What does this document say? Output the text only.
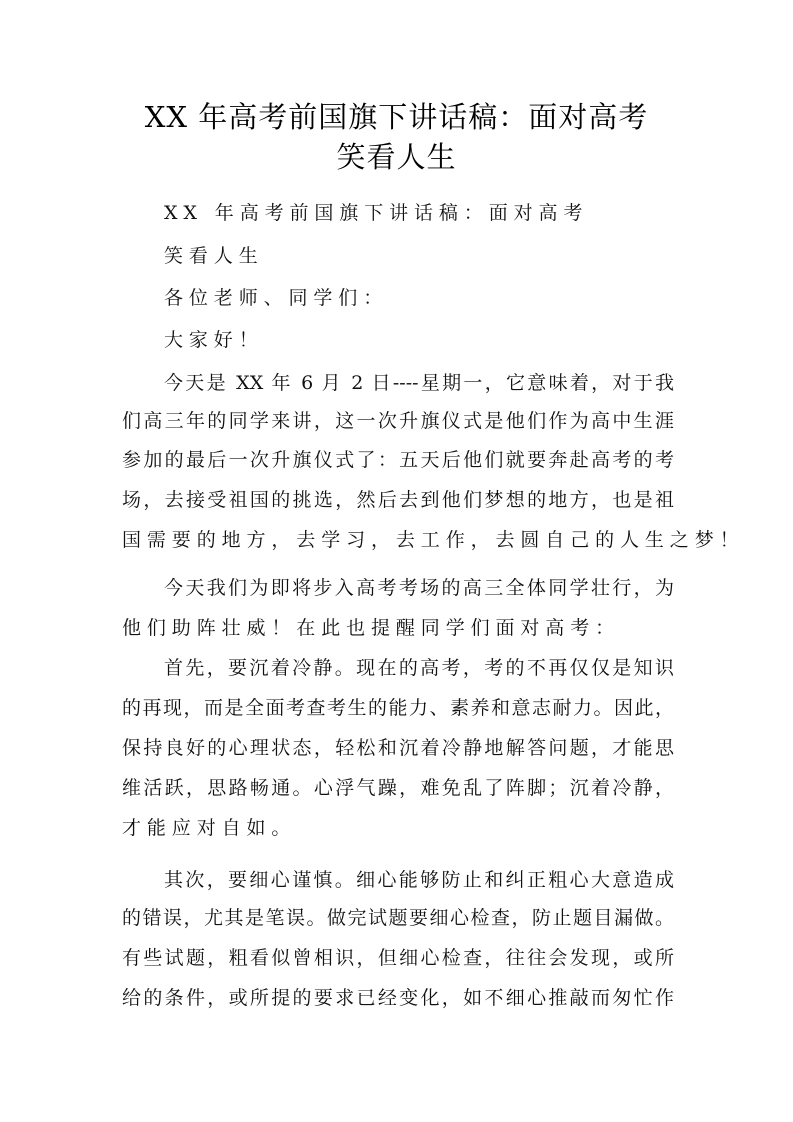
XX 年高考前国旗下讲话稿：面对高考
笑看人生
XX 年高考前国旗下讲话稿：面对高考
笑看人生
各位老师、同学们：
大家好！
今天是 XX 年 6 月 2 日----星期一，它意味着，对于我
们高三年的同学来讲，这一次升旗仪式是他们作为高中生涯
参加的最后一次升旗仪式了：五天后他们就要奔赴高考的考
场，去接受祖国的挑选，然后去到他们梦想的地方，也是祖
国需要的地方，去学习，去工作，去圆自己的人生之梦！
今天我们为即将步入高考考场的高三全体同学壮行，为
他们助阵壮威！在此也提醒同学们面对高考：
首先，要沉着冷静。现在的高考，考的不再仅仅是知识
的再现，而是全面考查考生的能力、素养和意志耐力。因此，
保持良好的心理状态，轻松和沉着冷静地解答问题，才能思
维活跃，思路畅通。心浮气躁，难免乱了阵脚；沉着冷静，
才能应对自如。
其次，要细心谨慎。细心能够防止和纠正粗心大意造成
的错误，尤其是笔误。做完试题要细心检查，防止题目漏做。
有些试题，粗看似曾相识，但细心检查，往往会发现，或所
给的条件，或所提的要求已经变化，如不细心推敲而匆忙作
